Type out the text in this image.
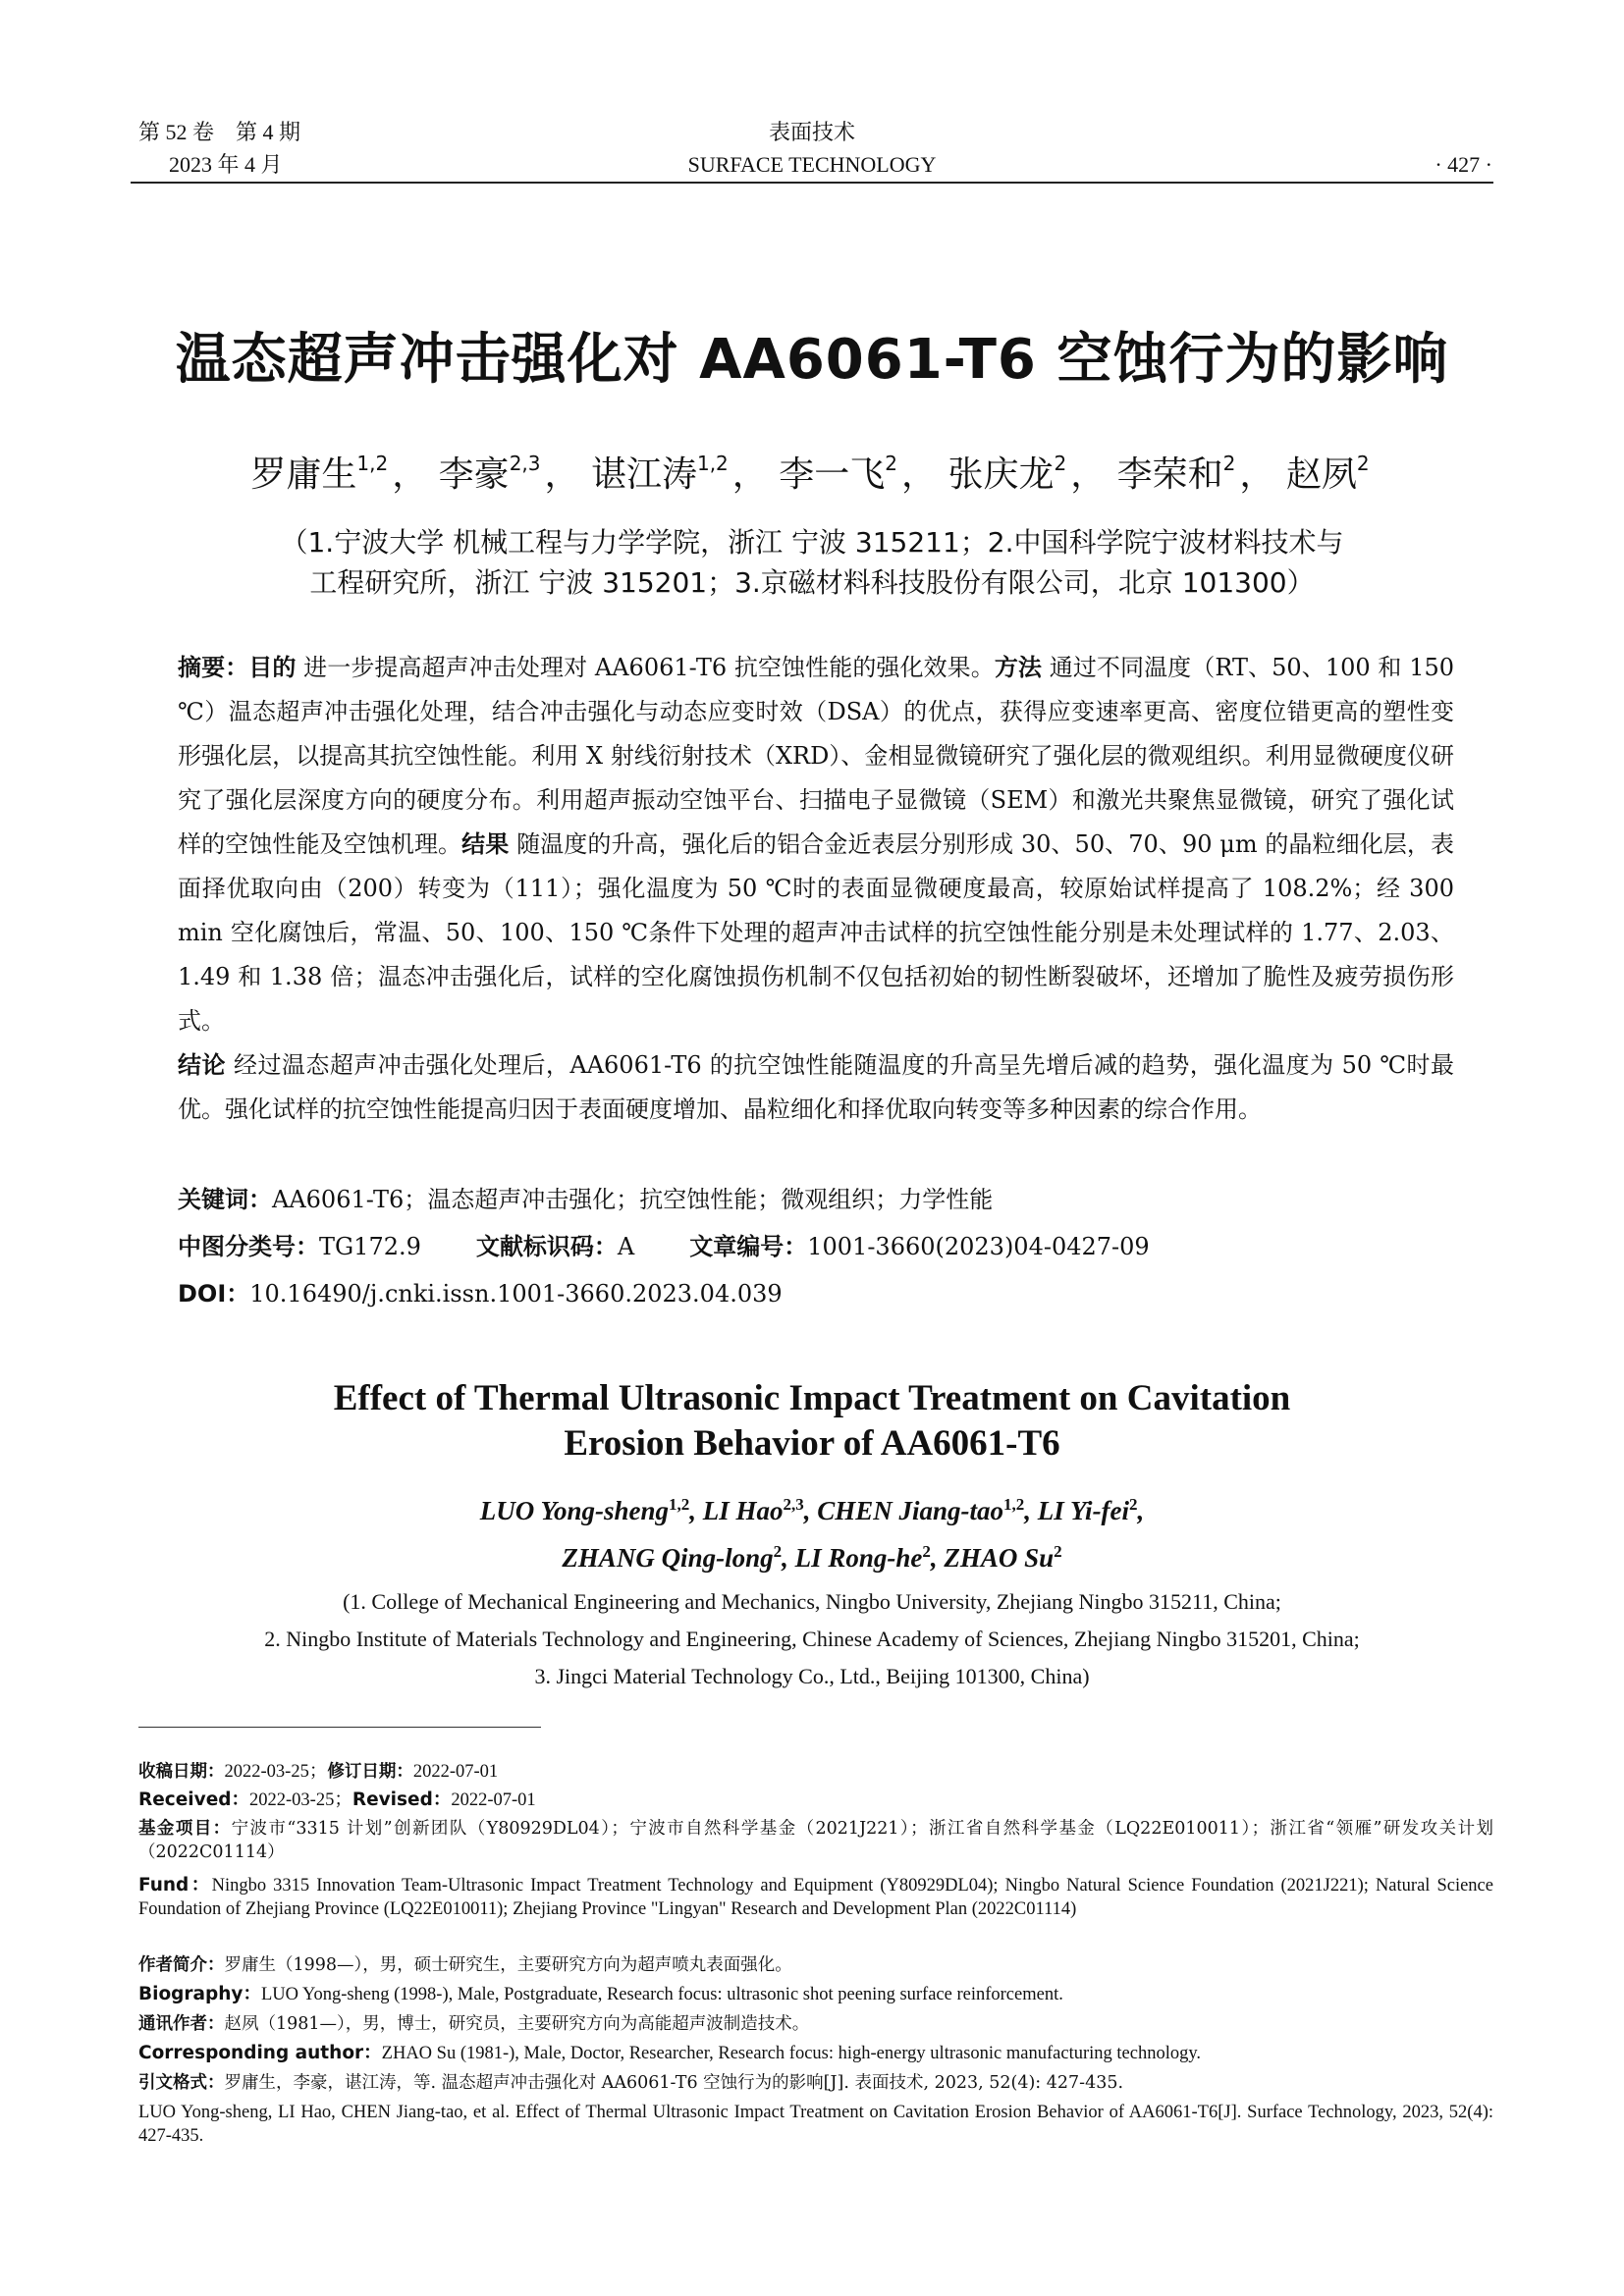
第 52 卷　第 4 期
2023 年 4 月
表面技术
SURFACE TECHNOLOGY	· 427 ·
温态超声冲击强化对 AA6061-T6 空蚀行为的影响
罗庸生$^{1,2}$ ， 李豪$^{2,3}$ ， 谌江涛$^{1,2}$ ， 李一飞$^2$ ， 张庆龙$^2$ ， 李荣和$^2$ ， 赵夙$^2$
（1.宁波大学 机械工程与力学学院，浙江 宁波 315211；2.中国科学院宁波材料技术与
工程研究所，浙江 宁波 315201；3.京磁材料科技股份有限公司，北京 101300）
摘要：目的 进一步提高超声冲击处理对 AA6061-T6 抗空蚀性能的强化效果。方法 通过不同温度（RT、50、100 和 150 ℃）温态超声冲击强化处理，结合冲击强化与动态应变时效（DSA）的优点，获得应变速率更高、密度位错更高的塑性变形强化层，以提高其抗空蚀性能。利用 X 射线衍射技术（XRD）、金相显微镜研究了强化层的微观组织。利用显微硬度仪研究了强化层深度方向的硬度分布。利用超声振动空蚀平台、扫描电子显微镜（SEM）和激光共聚焦显微镜，研究了强化试样的空蚀性能及空蚀机理。结果 随温度的升高，强化后的铝合金近表层分别形成 30、50、70、90 μm 的晶粒细化层，表面择优取向由（200）转变为（111）；强化温度为 50 ℃时的表面显微硬度最高，较原始试样提高了 108.2%；经 300 min 空化腐蚀后，常温、50、100、150 ℃条件下处理的超声冲击试样的抗空蚀性能分别是未处理试样的 1.77、2.03、1.49 和 1.38 倍；温态冲击强化后，试样的空化腐蚀损伤机制不仅包括初始的韧性断裂破坏，还增加了脆性及疲劳损伤形式。
结论 经过温态超声冲击强化处理后，AA6061-T6 的抗空蚀性能随温度的升高呈先增后减的趋势，强化温度为 50 ℃时最优。强化试样的抗空蚀性能提高归因于表面硬度增加、晶粒细化和择优取向转变等多种因素的综合作用。
关键词：AA6061-T6；温态超声冲击强化；抗空蚀性能；微观组织；力学性能
中图分类号：TG172.9 文献标识码：A 文章编号：1001-3660(2023)04-0427-09
DOI：10.16490/j.cnki.issn.1001-3660.2023.04.039
Effect of Thermal Ultrasonic Impact Treatment on Cavitation
Erosion Behavior of AA6061-T6
LUO Yong-sheng$^{1,2}$, LI Hao$^{2,3}$, CHEN Jiang-tao$^{1,2}$, LI Yi-fei$^2$,
ZHANG Qing-long$^2$, LI Rong-$he^2$, ZHAO Su$^2$
(1. College of Mechanical Engineering and Mechanics, Ningbo University, Zhejiang Ningbo 315211, China;
2. Ningbo Institute of Materials Technology and Engineering, Chinese Academy of Sciences, Zhejiang Ningbo 315201, China;
3. Jingci Material Technology Co., Ltd., Beijing 101300, China)
收稿日期：2022-03-25；修订日期：2022-07-01
Received：2022-03-25；Revised：2022-07-01
基金项目：宁波市“3315 计划”创新团队（Y80929DL04）；宁波市自然科学基金（2021J221）；浙江省自然科学基金（LQ22E010011）；浙江省“领雁”研发攻关计划（2022C01114）
Fund：Ningbo 3315 Innovation Team-Ultrasonic Impact Treatment Technology and Equipment (Y80929DL04); Ningbo Natural Science Foundation (2021J221); Natural Science Foundation of Zhejiang Province (LQ22E010011); Zhejiang Province "Lingyan" Research and Development Plan (2022C01114)
作者简介：罗庸生（1998—），男，硕士研究生，主要研究方向为超声喷丸表面强化。
Biography：LUO Yong-sheng (1998-), Male, Postgraduate, Research focus: ultrasonic shot peening surface reinforcement.
通讯作者：赵夙（1981—），男，博士，研究员，主要研究方向为高能超声波制造技术。
Corresponding author：ZHAO Su (1981-), Male, Doctor, Researcher, Research focus: high-energy ultrasonic manufacturing technology.
引文格式：罗庸生，李豪，谌江涛，等. 温态超声冲击强化对 AA6061-T6 空蚀行为的影响[J]. 表面技术, 2023, 52(4): 427-435.
LUO Yong-sheng, LI Hao, CHEN Jiang-tao, et al. Effect of Thermal Ultrasonic Impact Treatment on Cavitation Erosion Behavior of AA6061-T6[J]. Surface Technology, 2023, 52(4): 427-435.
